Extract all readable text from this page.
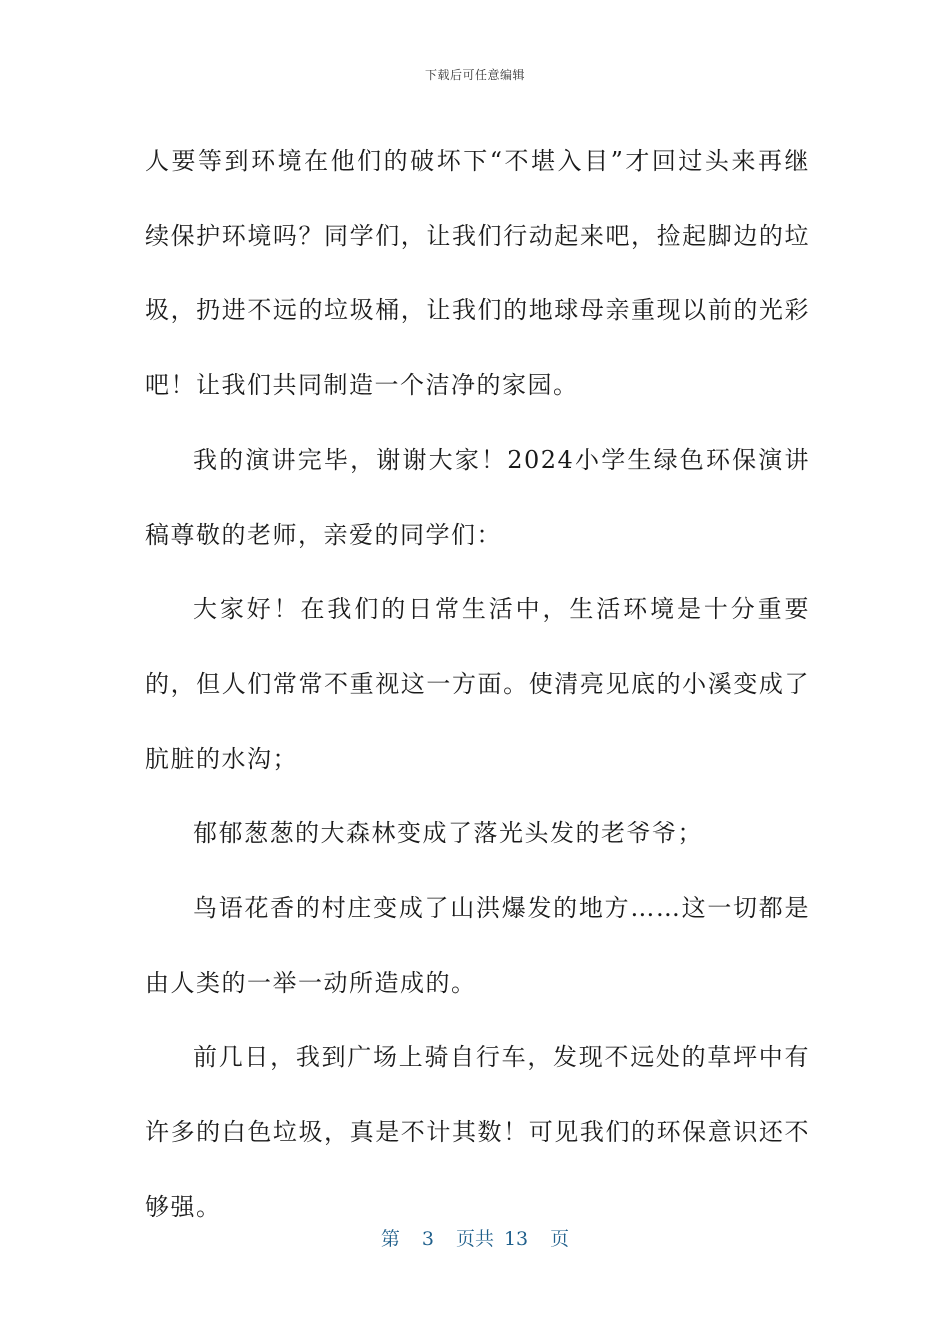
下载后可任意编辑

人要等到环境在他们的破坏下“不堪入目”才回过头来再继续保护环境吗？同学们，让我们行动起来吧，捡起脚边的垃圾，扔进不远的垃圾桶，让我们的地球母亲重现以前的光彩吧！让我们共同制造一个洁净的家园。

我的演讲完毕，谢谢大家！2024小学生绿色环保演讲稿尊敬的老师，亲爱的同学们：

大家好！在我们的日常生活中，生活环境是十分重要的，但人们常常不重视这一方面。使清亮见底的小溪变成了肮脏的水沟；

郁郁葱葱的大森林变成了落光头发的老爷爷；

鸟语花香的村庄变成了山洪爆发的地方……这一切都是由人类的一举一动所造成的。

前几日，我到广场上骑自行车，发现不远处的草坪中有许多的白色垃圾，真是不计其数！可见我们的环保意识还不够强。

第 3 页共 13 页
